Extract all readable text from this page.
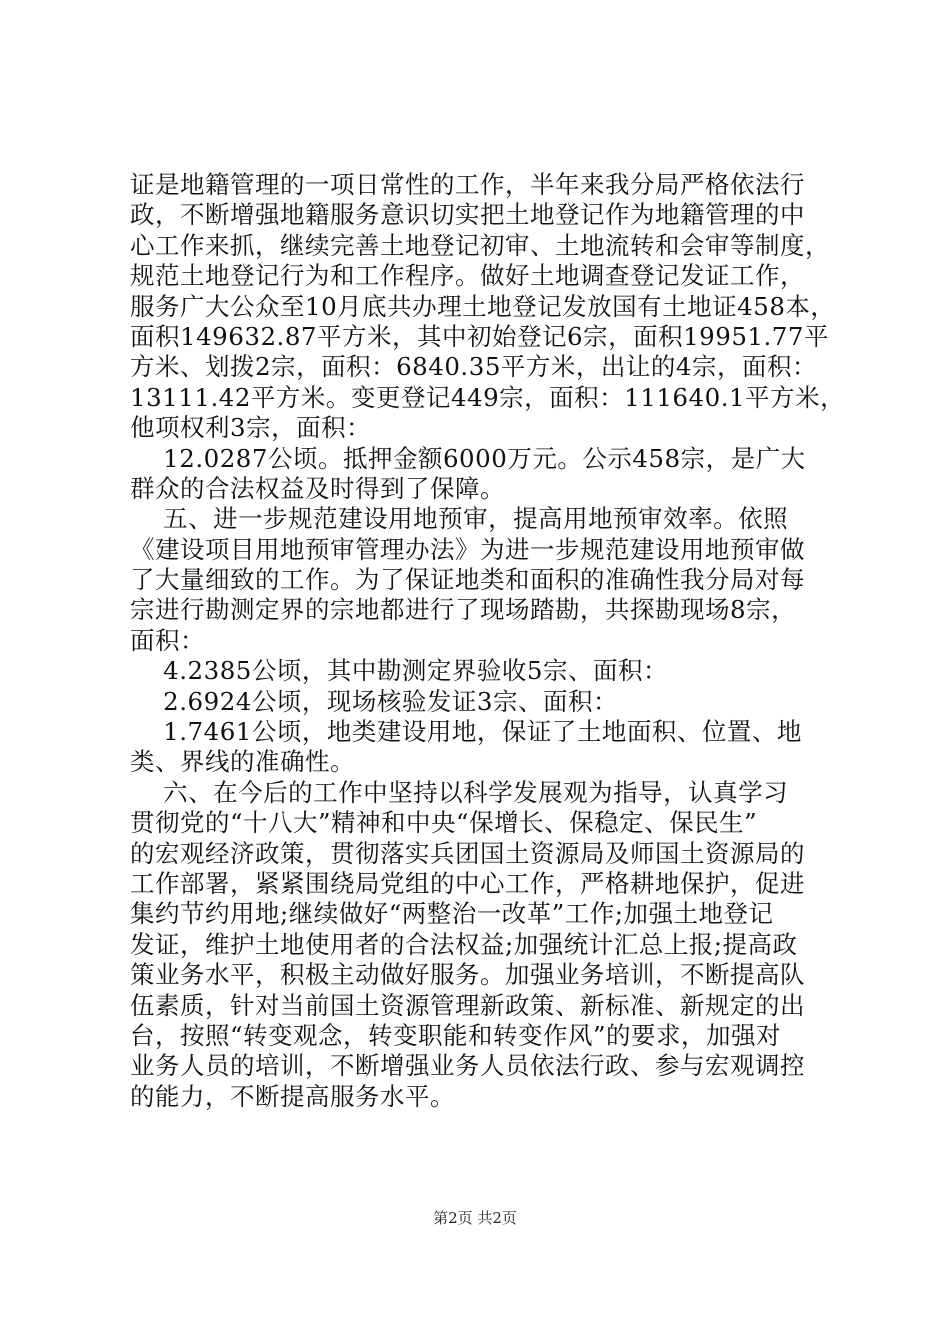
证是地籍管理的一项日常性的工作，半年来我分局严格依法行
政，不断增强地籍服务意识切实把土地登记作为地籍管理的中
心工作来抓，继续完善土地登记初审、土地流转和会审等制度，
规范土地登记行为和工作程序。做好土地调查登记发证工作，
服务广大公众至10月底共办理土地登记发放国有土地证458本，
面积149632.87平方米，其中初始登记6宗，面积19951.77平
方米、划拨2宗，面积：6840.35平方米，出让的4宗，面积：
13111.42平方米。变更登记449宗，面积：111640.1平方米，
他项权利3宗，面积：
12.0287公顷。抵押金额6000万元。公示458宗，是广大
群众的合法权益及时得到了保障。
五、进一步规范建设用地预审，提高用地预审效率。依照
《建设项目用地预审管理办法》为进一步规范建设用地预审做
了大量细致的工作。为了保证地类和面积的准确性我分局对每
宗进行勘测定界的宗地都进行了现场踏勘，共探勘现场8宗，
面积：
4.2385公顷，其中勘测定界验收5宗、面积：
2.6924公顷，现场核验发证3宗、面积：
1.7461公顷，地类建设用地，保证了土地面积、位置、地
类、界线的准确性。
六、在今后的工作中坚持以科学发展观为指导，认真学习
贯彻党的“十八大”精神和中央“保增长、保稳定、保民生”
的宏观经济政策，贯彻落实兵团国土资源局及师国土资源局的
工作部署，紧紧围绕局党组的中心工作，严格耕地保护，促进
集约节约用地;继续做好“两整治一改革”工作;加强土地登记
发证，维护土地使用者的合法权益;加强统计汇总上报;提高政
策业务水平，积极主动做好服务。加强业务培训，不断提高队
伍素质，针对当前国土资源管理新政策、新标准、新规定的出
台，按照“转变观念，转变职能和转变作风”的要求，加强对
业务人员的培训，不断增强业务人员依法行政、参与宏观调控
的能力，不断提高服务水平。
第2页 共2页
